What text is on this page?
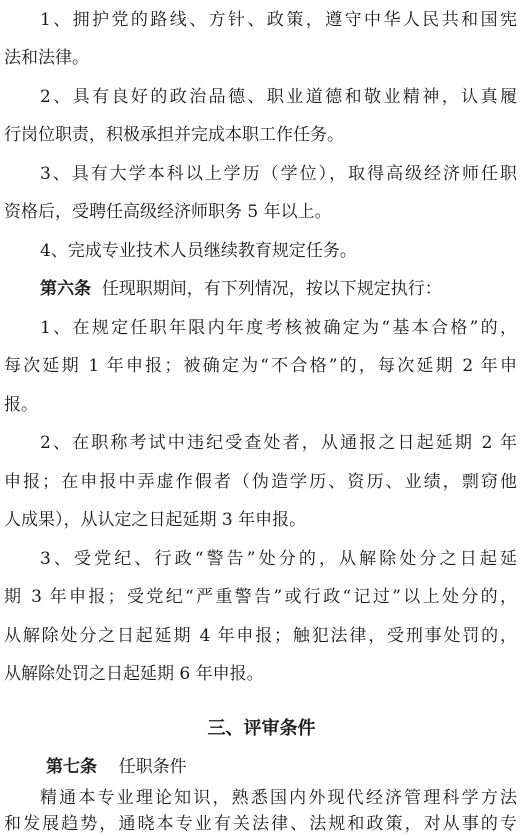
1、拥护党的路线、方针、政策，遵守中华人民共和国宪
法和法律。
2、具有良好的政治品德、职业道德和敬业精神，认真履
行岗位职责，积极承担并完成本职工作任务。
3、具有大学本科以上学历（学位），取得高级经济师任职
资格后，受聘任高级经济师职务 5 年以上。
4、完成专业技术人员继续教育规定任务。
第六条  任现职期间，有下列情况，按以下规定执行：
1、在规定任职年限内年度考核被确定为“基本合格”的，
每次延期 1 年申报；被确定为“不合格”的，每次延期 2 年申
报。
2、在职称考试中违纪受查处者，从通报之日起延期 2 年
申报；在申报中弄虚作假者（伪造学历、资历、业绩，剽窃他
人成果），从认定之日起延期 3 年申报。
3、受党纪、行政“警告”处分的，从解除处分之日起延
期 3 年申报；受党纪“严重警告”或行政“记过”以上处分的，
从解除处分之日起延期 4 年申报；触犯法律，受刑事处罚的，
从解除处罚之日起延期 6 年申报。
三、评审条件
第七条    任职条件
精通本专业理论知识，熟悉国内外现代经济管理科学方法
和发展趋势，通晓本专业有关法律、法规和政策，对从事的专
